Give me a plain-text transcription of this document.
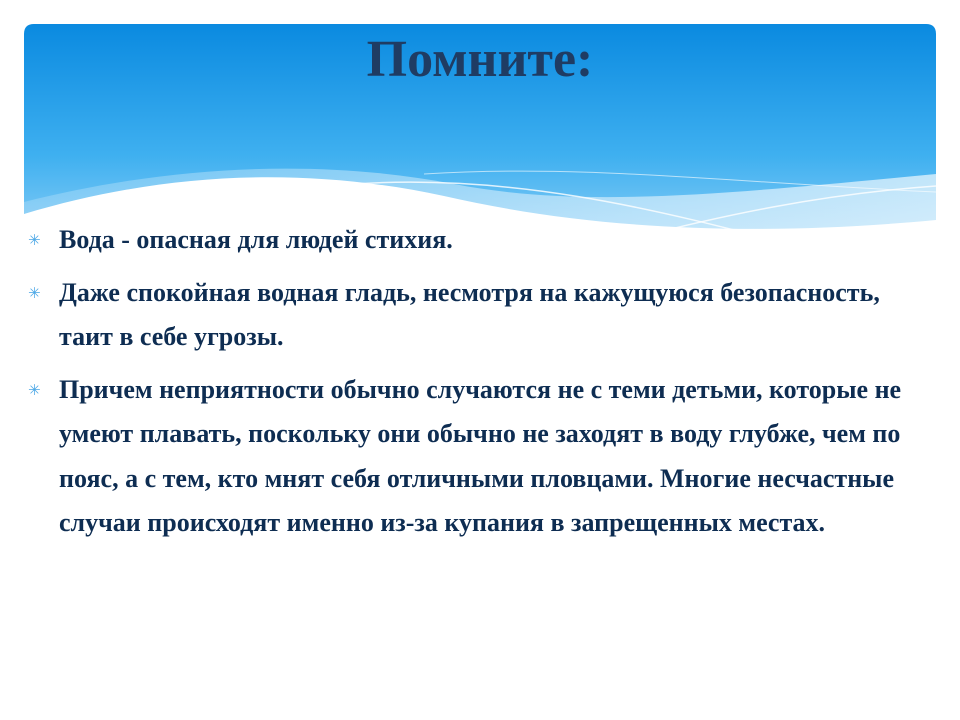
Помните:
✳ Вода - опасная для людей стихия.
✳ Даже спокойная водная гладь, несмотря на кажущуюся безопасность, таит в себе угрозы.
✳ Причем неприятности обычно случаются не с теми детьми, которые не умеют плавать, поскольку они обычно не заходят в воду глубже, чем по пояс, а с тем, кто мнят себя отличными пловцами. Многие несчастные случаи происходят именно из-за купания в запрещенных местах.
